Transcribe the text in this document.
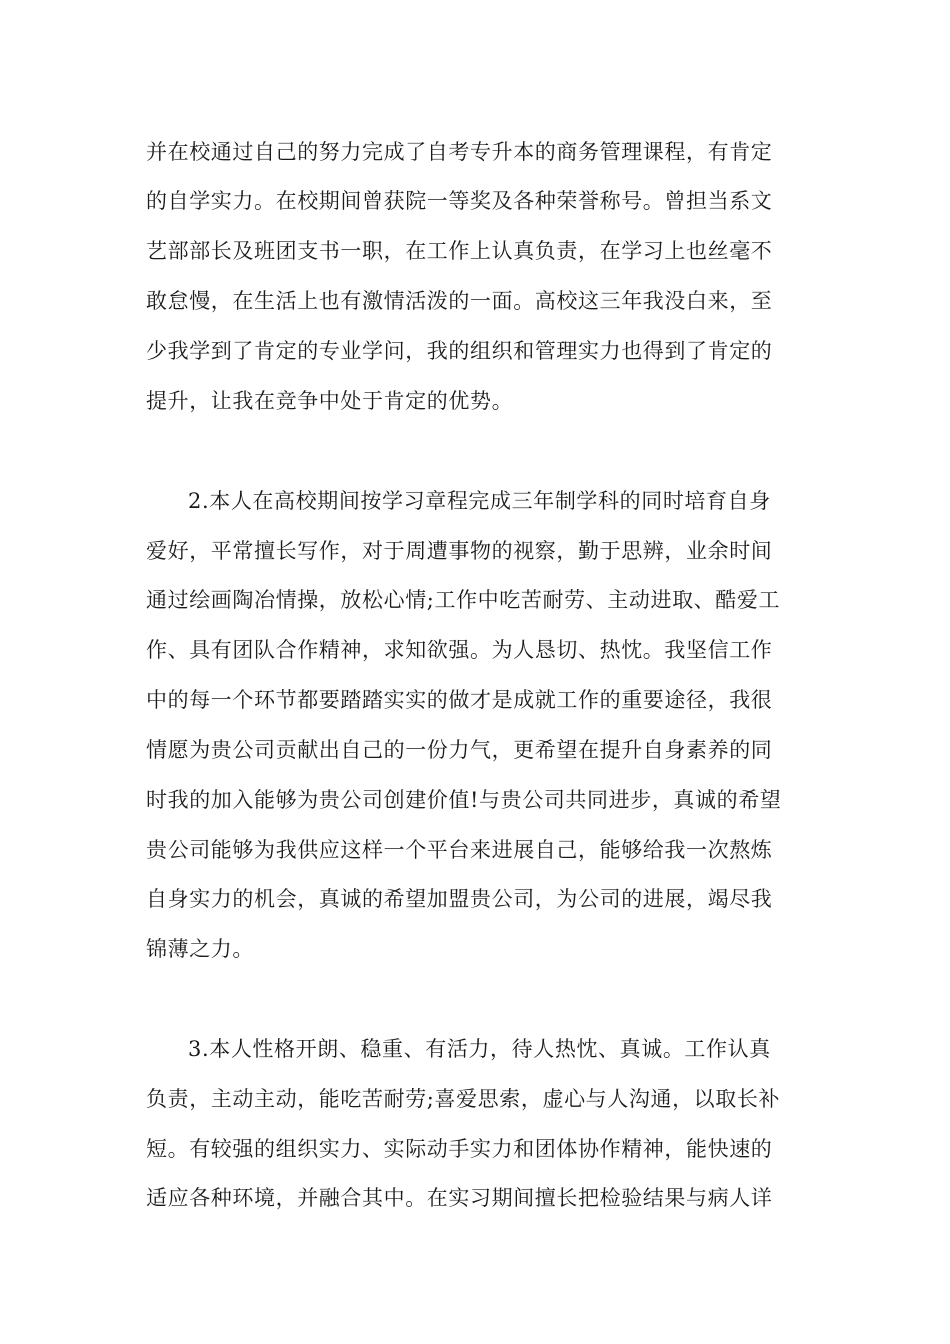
并在校通过自己的努力完成了自考专升本的商务管理课程，有肯定
的自学实力。在校期间曾获院一等奖及各种荣誉称号。曾担当系文
艺部部长及班团支书一职，在工作上认真负责，在学习上也丝毫不
敢怠慢，在生活上也有激情活泼的一面。高校这三年我没白来，至
少我学到了肯定的专业学问，我的组织和管理实力也得到了肯定的
提升，让我在竞争中处于肯定的优势。
2.本人在高校期间按学习章程完成三年制学科的同时培育自身
爱好，平常擅长写作，对于周遭事物的视察，勤于思辨，业余时间
通过绘画陶冶情操，放松心情;工作中吃苦耐劳、主动进取、酷爱工
作、具有团队合作精神，求知欲强。为人恳切、热忱。我坚信工作
中的每一个环节都要踏踏实实的做才是成就工作的重要途径，我很
情愿为贵公司贡献出自己的一份力气，更希望在提升自身素养的同
时我的加入能够为贵公司创建价值!与贵公司共同进步，真诚的希望
贵公司能够为我供应这样一个平台来进展自己，能够给我一次熬炼
自身实力的机会，真诚的希望加盟贵公司，为公司的进展，竭尽我
锦薄之力。
3.本人性格开朗、稳重、有活力，待人热忱、真诚。工作认真
负责，主动主动，能吃苦耐劳;喜爱思索，虚心与人沟通，以取长补
短。有较强的组织实力、实际动手实力和团体协作精神，能快速的
适应各种环境，并融合其中。在实习期间擅长把检验结果与病人详
